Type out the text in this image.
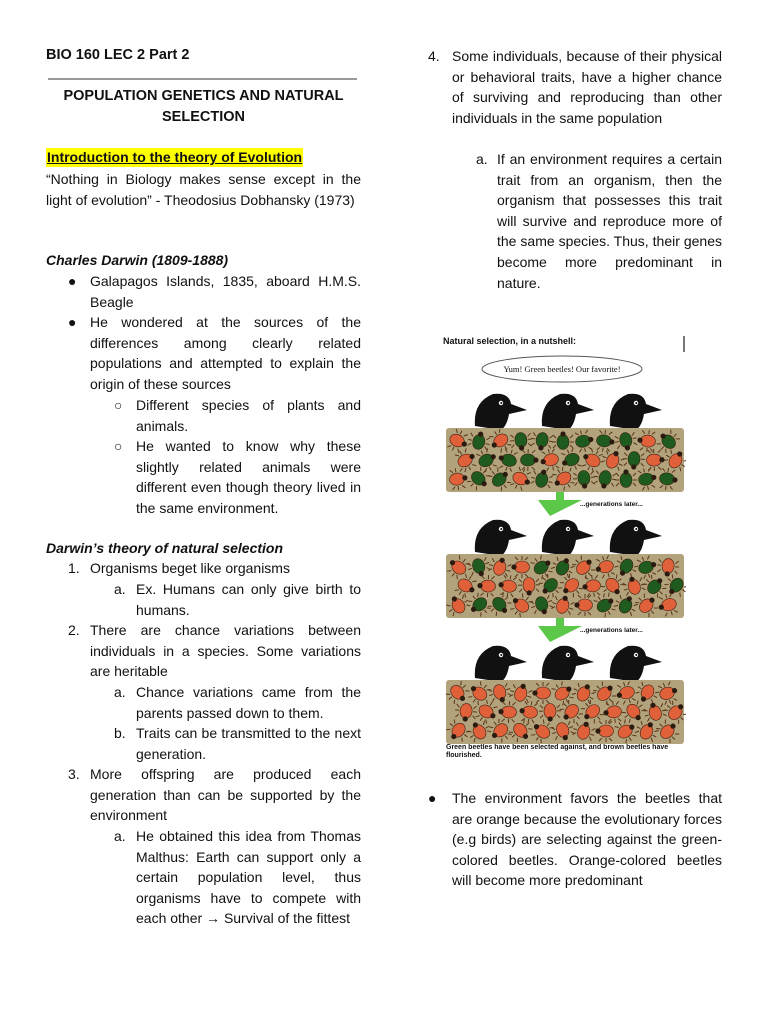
BIO 160 LEC 2 Part 2
POPULATION GENETICS AND NATURAL SELECTION
Introduction to the theory of Evolution
“Nothing in Biology makes sense except in the light of evolution” - Theodosius Dobhansky (1973)
Charles Darwin (1809-1888)
● Galapagos Islands, 1835, aboard H.M.S. Beagle
● He wondered at the sources of the differences among clearly related populations and attempted to explain the origin of these sources
○ Different species of plants and animals.
○ He wanted to know why these slightly related animals were different even though theory lived in the same environment.
Darwin’s theory of natural selection
1. Organisms beget like organisms
a. Ex. Humans can only give birth to humans.
2. There are chance variations between individuals in a species. Some variations are heritable
a. Chance variations came from the parents passed down to them.
b. Traits can be transmitted to the next generation.
3. More offspring are produced each generation than can be supported by the environment
a. He obtained this idea from Thomas Malthus: Earth can support only a certain population level, thus organisms have to compete with each other → Survival of the fittest
4. Some individuals, because of their physical or behavioral traits, have a higher chance of surviving and reproducing than other individuals in the same population
a. If an environment requires a certain trait from an organism, then the organism that possesses this trait will survive and reproduce more of the same species. Thus, their genes become more predominant in nature.
Natural selection, in a nutshell:
Yum! Green beetles! Our favorite!
...generations later...
...generations later...
Green beetles have been selected against, and brown beetles have flourished.
● The environment favors the beetles that are orange because the evolutionary forces (e.g birds) are selecting against the green-colored beetles. Orange-colored beetles will become more predominant
